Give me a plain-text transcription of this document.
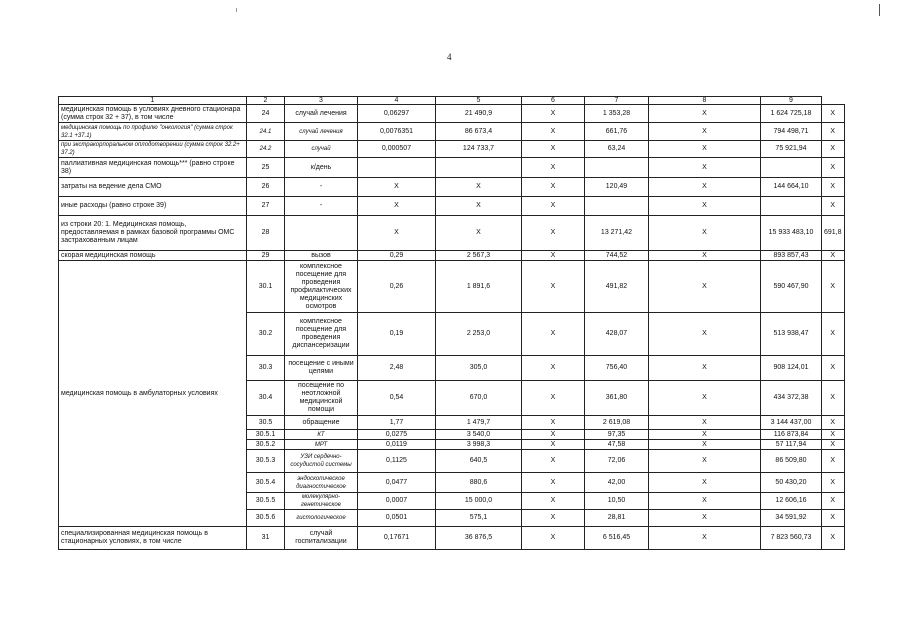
4
1	2	3	4	5	6	7	8	9	
медицинская помощь в условиях дневного стационара (сумма строк 32 + 37), в том числе	24	случай лечения	0,06297	21 490,9	X	1 353,28	X	1 624 725,18	X
медицинская помощь по профилю "онкология" (сумма строк 32.1 +37.1)	24.1	случай лечения	0,0076351	86 673,4	X	661,76	X	794 498,71	X
при экстракорпоральном оплодотворении (сумма строк 32.2+ 37.2)	24.2	случай	0,000507	124 733,7	X	63,24	X	75 921,94	X
паллиативная медицинская помощь*** (равно строке 38)	25	к/день			X		X		X
затраты на ведение дела СМО	26	-	X	X	X	120,49	X	144 664,10	X
иные расходы (равно строке 39)	27	-	X	X	X		X		X
из строки 20: 1. Медицинская помощь, предоставляемая в рамках базовой программы ОМС застрахованным лицам	28		X	X	X	13 271,42	X	15 933 483,10	691,8
скорая медицинская помощь	29	вызов	0,29	2 567,3	X	744,52	X	893 857,43	X
медицинская помощь в амбулаторных условиях	30.1	комплексное посещение для проведения профилактических медицинских осмотров	0,26	1 891,6	X	491,82	X	590 467,90	X
	30.2	комплексное посещение для проведения диспансеризации	0,19	2 253,0	X	428,07	X	513 938,47	X
	30.3	посещение с иными целями	2,48	305,0	X	756,40	X	908 124,01	X
	30.4	посещение по неотложной медицинской помощи	0,54	670,0	X	361,80	X	434 372,38	X
	30.5	обращение	1,77	1 479,7	X	2 619,08	X	3 144 437,00	X
	30.5.1	КТ	0,0275	3 540,0	X	97,35	X	116 873,84	X
	30.5.2	МРТ	0,0119	3 998,3	X	47,58	X	57 117,94	X
	30.5.3	УЗИ сердечно-сосудистой системы	0,1125	640,5	X	72,06	X	86 509,80	X
	30.5.4	эндоскопическое диагностическое	0,0477	880,6	X	42,00	X	50 430,20	X
	30.5.5	молекулярно-генетическое	0,0007	15 000,0	X	10,50	X	12 606,16	X
	30.5.6	гистологическое	0,0501	575,1	X	28,81	X	34 591,92	X
специализированная медицинская помощь в стационарных условиях, в том числе	31	случай госпитализации	0,17671	36 876,5	X	6 516,45	X	7 823 560,73	X
